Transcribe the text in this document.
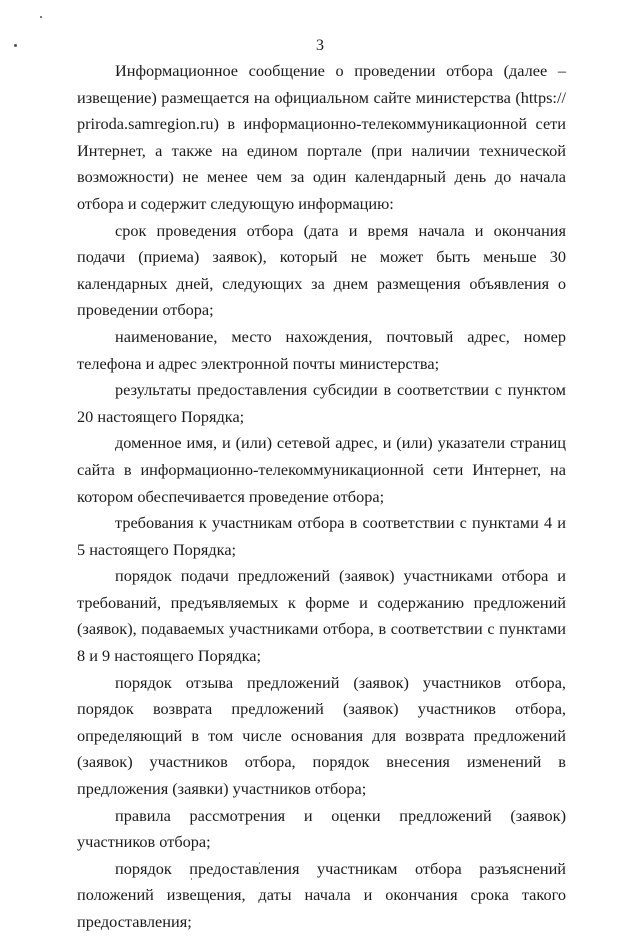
3

Информационное сообщение о проведении отбора (далее – извещение) размещается на официальном сайте министерства (https:// priroda.samregion.ru) в информационно-телекоммуникационной сети Интернет, а также на едином портале (при наличии технической возможности) не менее чем за один календарный день до начала отбора и содержит следующую информацию:

срок проведения отбора (дата и время начала и окончания подачи (приема) заявок), который не может быть меньше 30 календарных дней, следующих за днем размещения объявления о проведении отбора;

наименование, место нахождения, почтовый адрес, номер телефона и адрес электронной почты министерства;

результаты предоставления субсидии в соответствии с пунктом 20 настоящего Порядка;

доменное имя, и (или) сетевой адрес, и (или) указатели страниц сайта в информационно-телекоммуникационной сети Интернет, на котором обеспечивается проведение отбора;

требования к участникам отбора в соответствии с пунктами 4 и 5 настоящего Порядка;

порядок подачи предложений (заявок) участниками отбора и требований, предъявляемых к форме и содержанию предложений (заявок), подаваемых участниками отбора, в соответствии с пунктами 8 и 9 настоящего Порядка;

порядок отзыва предложений (заявок) участников отбора, порядок возврата предложений (заявок) участников отбора, определяющий в том числе основания для возврата предложений (заявок) участников отбора, порядок внесения изменений в предложения (заявки) участников отбора;

правила рассмотрения и оценки предложений (заявок) участников отбора;

порядок предоставления участникам отбора разъяснений положений извещения, даты начала и окончания срока такого предоставления;
